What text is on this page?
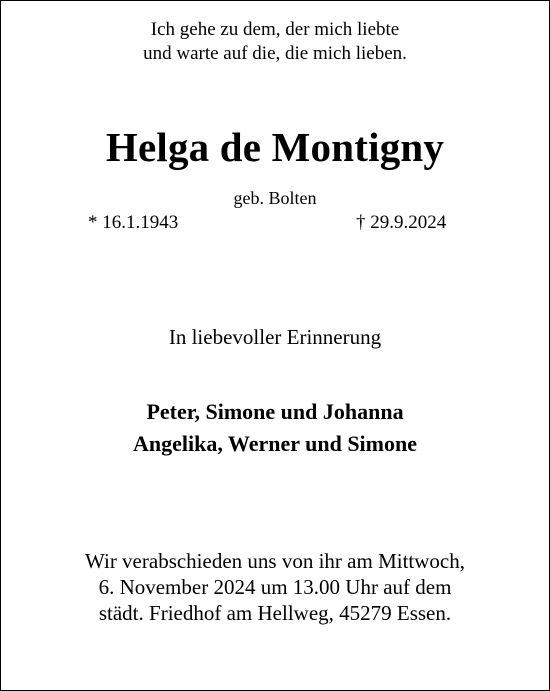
Ich gehe zu dem, der mich liebte
und warte auf die, die mich lieben.
Helga de Montigny
geb. Bolten
* 16.1.1943	† 29.9.2024
In liebevoller Erinnerung
Peter, Simone und Johanna
Angelika, Werner und Simone
Wir verabschieden uns von ihr am Mittwoch,
6. November 2024 um 13.00 Uhr auf dem
städt. Friedhof am Hellweg, 45279 Essen.
